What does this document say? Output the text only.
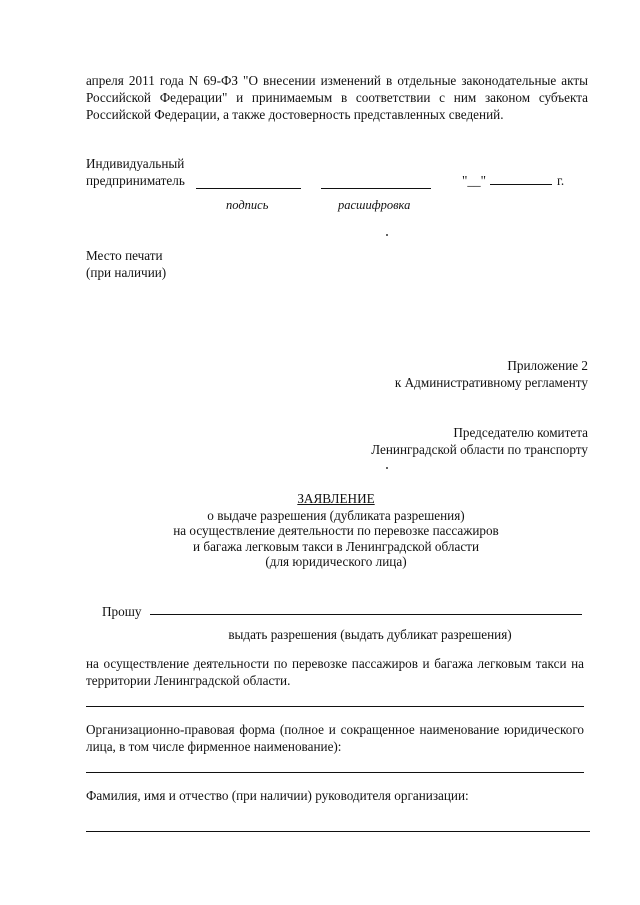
апреля 2011 года N 69-ФЗ "О внесении изменений в отдельные законодательные акты
Российской Федерации" и принимаемым в соответствии с ним законом субъекта
Российской Федерации, а также достоверность представленных сведений.
Индивидуальный
предприниматель	"__"	г.
подпись	расшифровка
Место печати
(при наличии)
Приложение 2
к Административному регламенту
Председателю комитета
Ленинградской области по транспорту
ЗАЯВЛЕНИЕ
о выдаче разрешения (дубликата разрешения)
на осуществление деятельности по перевозке пассажиров
и багажа легковым такси в Ленинградской области
(для юридического лица)
Прошу
выдать разрешения (выдать дубликат разрешения)
на осуществление деятельности по перевозке пассажиров и багажа легковым такси на
территории Ленинградской области.
Организационно-правовая форма (полное и сокращенное наименование юридического
лица, в том числе фирменное наименование):
Фамилия, имя и отчество (при наличии) руководителя организации:
